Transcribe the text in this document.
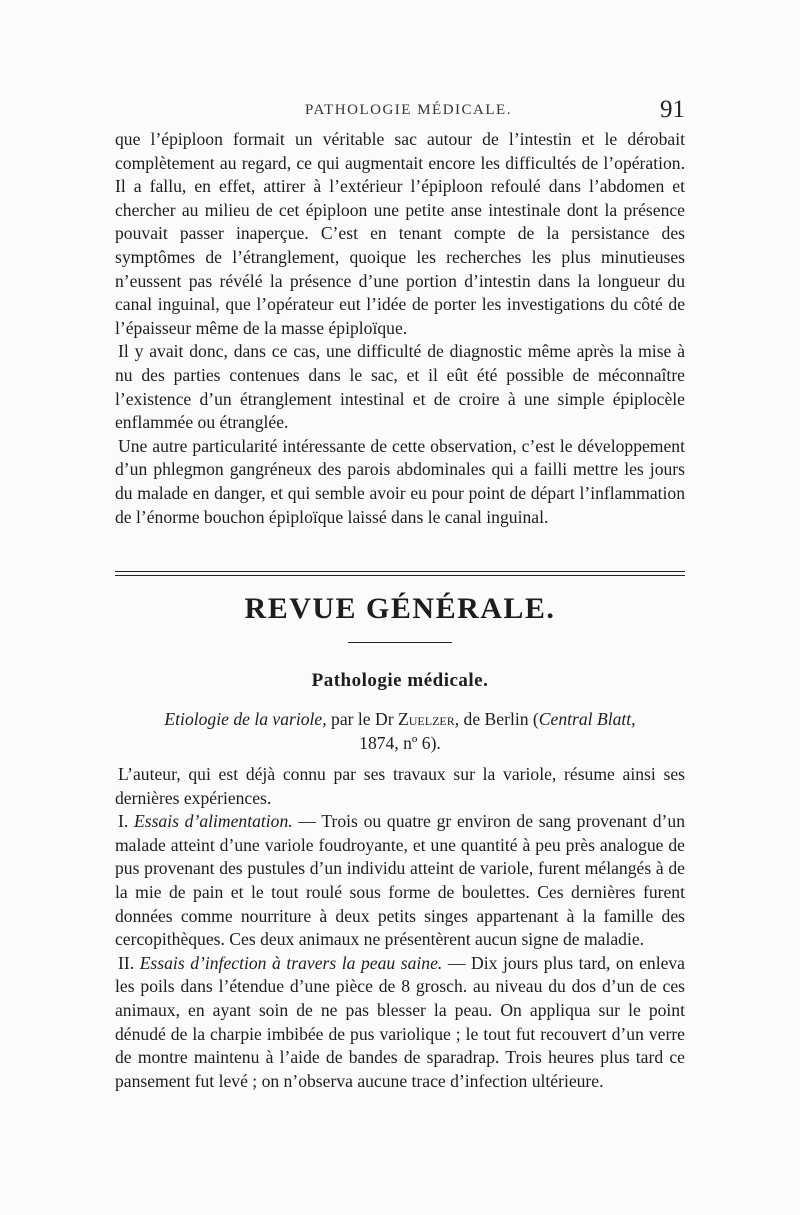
PATHOLOGIE MÉDICALE.	91

que l’épiploon formait un véritable sac autour de l’intestin et le dérobait complètement au regard, ce qui augmentait encore les difficultés de l’opération. Il a fallu, en effet, attirer à l’extérieur l’épiploon refoulé dans l’abdomen et chercher au milieu de cet épiploon une petite anse intestinale dont la présence pouvait passer inaperçue. C’est en tenant compte de la persistance des symptômes de l’étranglement, quoique les recherches les plus minutieuses n’eussent pas révélé la présence d’une portion d’intestin dans la longueur du canal inguinal, que l’opérateur eut l’idée de porter les investigations du côté de l’épaisseur même de la masse épiploïque.

Il y avait donc, dans ce cas, une difficulté de diagnostic même après la mise à nu des parties contenues dans le sac, et il eût été possible de méconnaître l’existence d’un étranglement intestinal et de croire à une simple épiplocèle enflammée ou étranglée.

Une autre particularité intéressante de cette observation, c’est le développement d’un phlegmon gangréneux des parois abdominales qui a failli mettre les jours du malade en danger, et qui semble avoir eu pour point de départ l’inflammation de l’énorme bouchon épiploïque laissé dans le canal inguinal.

REVUE GÉNÉRALE.
Pathologie médicale.
Etiologie de la variole, par le Dr Zuelzer, de Berlin (Central Blatt,
1874, nº 6).

L’auteur, qui est déjà connu par ses travaux sur la variole, résume ainsi ses dernières expériences.

I. Essais d’alimentation. — Trois ou quatre gr environ de sang provenant d’un malade atteint d’une variole foudroyante, et une quantité à peu près analogue de pus provenant des pustules d’un individu atteint de variole, furent mélangés à de la mie de pain et le tout roulé sous forme de boulettes. Ces dernières furent données comme nourriture à deux petits singes appartenant à la famille des cercopithèques. Ces deux animaux ne présentèrent aucun signe de maladie.

II. Essais d’infection à travers la peau saine. — Dix jours plus tard, on enleva les poils dans l’étendue d’une pièce de 8 grosch. au niveau du dos d’un de ces animaux, en ayant soin de ne pas blesser la peau. On appliqua sur le point dénudé de la charpie imbibée de pus variolique ; le tout fut recouvert d’un verre de montre maintenu à l’aide de bandes de sparadrap. Trois heures plus tard ce pansement fut levé ; on n’observa aucune trace d’infection ultérieure.
